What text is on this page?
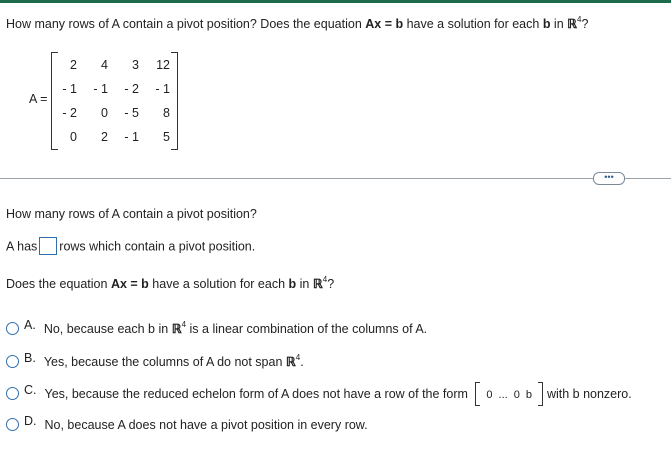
How many rows of A contain a pivot position? Does the equation Ax = b have a solution for each b in ℝ$^4$?
A =
2	4	3	12
- 1	- 1	- 2	- 1
- 2	0	- 5	8
0	2	- 1	5
•••
How many rows of A contain a pivot position?
A has rows which contain a pivot position.
Does the equation Ax = b have a solution for each b in ℝ$^4$?
A. No, because each b in ℝ$^4$ is a linear combination of the columns of A.
B. Yes, because the columns of A do not span ℝ$^4$.
C. Yes, because the reduced echelon form of A does not have a row of the form 0 ... 0 b with b nonzero.
D. No, because A does not have a pivot position in every row.
